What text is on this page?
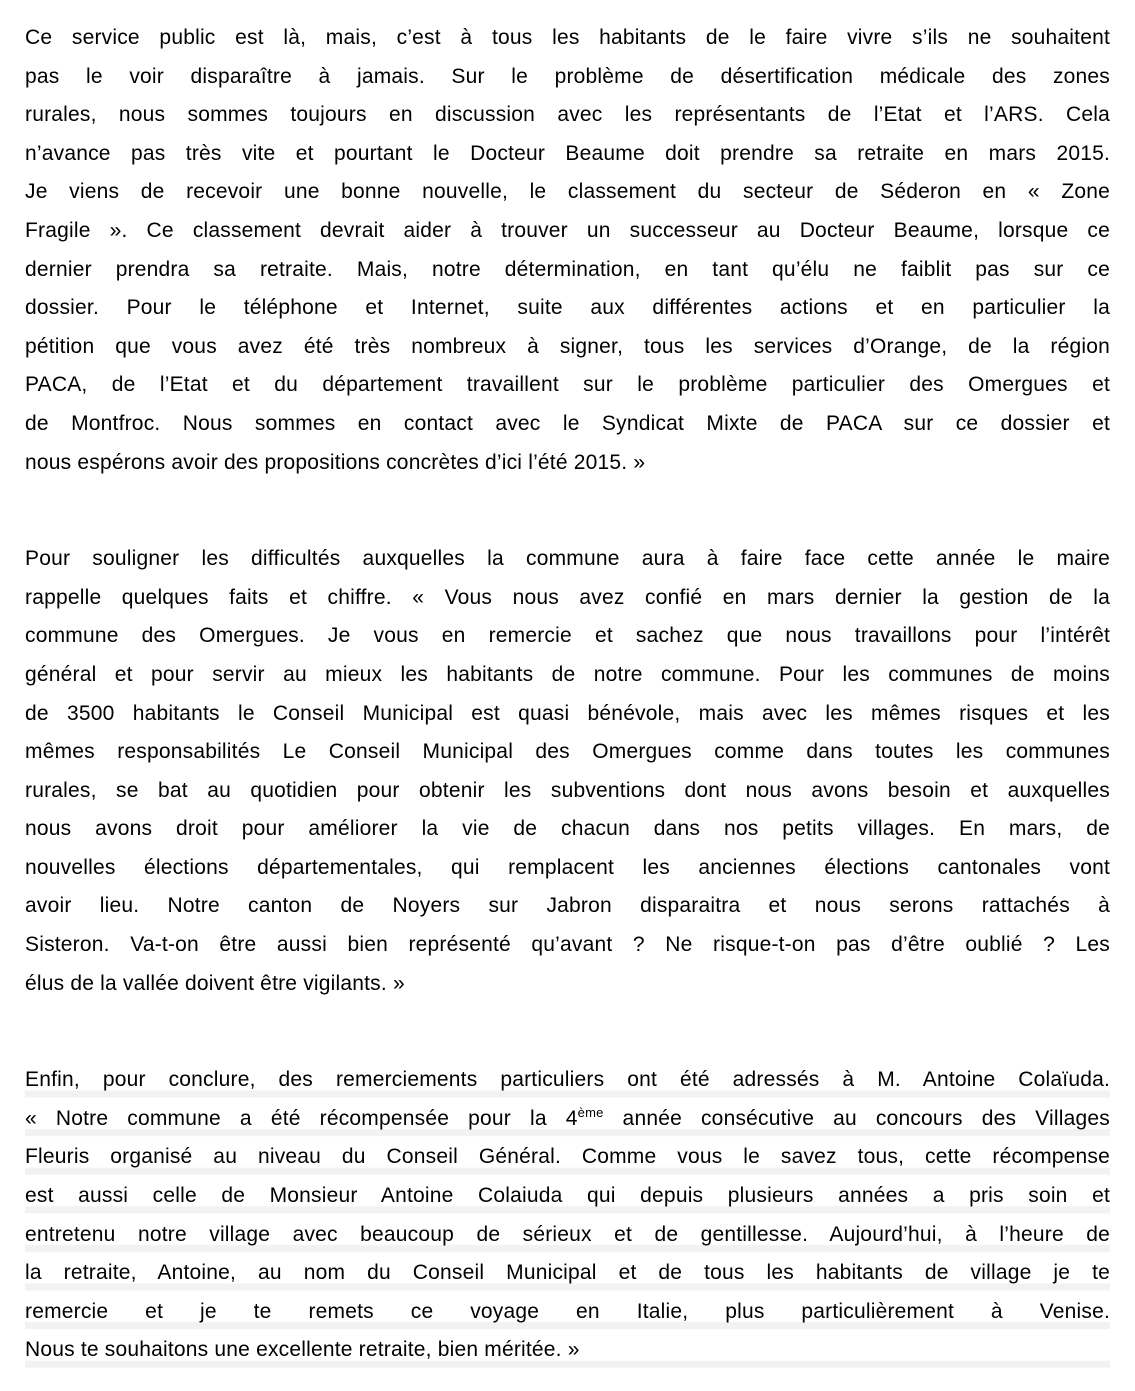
Ce service public est là, mais, c’est à tous les habitants de le faire vivre s’ils ne souhaitent
pas le voir disparaître à jamais. Sur le problème de désertification médicale des zones
rurales, nous sommes toujours en discussion avec les représentants de l’Etat et l’ARS. Cela
n’avance pas très vite et pourtant le Docteur Beaume doit prendre sa retraite en mars 2015.
Je viens de recevoir une bonne nouvelle, le classement du secteur de Séderon en « Zone
Fragile ». Ce classement devrait aider à trouver un successeur au Docteur Beaume, lorsque ce
dernier prendra sa retraite. Mais, notre détermination, en tant qu’élu ne faiblit pas sur ce
dossier. Pour le téléphone et Internet, suite aux différentes actions et en particulier la
pétition que vous avez été très nombreux à signer, tous les services d’Orange, de la région
PACA, de l’Etat et du département travaillent sur le problème particulier des Omergues et
de Montfroc. Nous sommes en contact avec le Syndicat Mixte de PACA sur ce dossier et
nous espérons avoir des propositions concrètes d’ici l’été 2015. »
Pour souligner les difficultés auxquelles la commune aura à faire face cette année le maire
rappelle quelques faits et chiffre. « Vous nous avez confié en mars dernier la gestion de la
commune des Omergues. Je vous en remercie et sachez que nous travaillons pour l’intérêt
général et pour servir au mieux les habitants de notre commune. Pour les communes de moins
de 3500 habitants le Conseil Municipal est quasi bénévole, mais avec les mêmes risques et les
mêmes responsabilités Le Conseil Municipal des Omergues comme dans toutes les communes
rurales, se bat au quotidien pour obtenir les subventions dont nous avons besoin et auxquelles
nous avons droit pour améliorer la vie de chacun dans nos petits villages. En mars, de
nouvelles élections départementales, qui remplacent les anciennes élections cantonales vont
avoir lieu. Notre canton de Noyers sur Jabron disparaitra et nous serons rattachés à
Sisteron. Va-t-on être aussi bien représenté qu’avant ? Ne risque-t-on pas d’être oublié ? Les
élus de la vallée doivent être vigilants. »
Enfin, pour conclure, des remerciements particuliers ont été adressés à M. Antoine Colaïuda.
« Notre commune a été récompensée pour la 4ème année consécutive au concours des Villages
Fleuris organisé au niveau du Conseil Général. Comme vous le savez tous, cette récompense
est aussi celle de Monsieur Antoine Colaiuda qui depuis plusieurs années a pris soin et
entretenu notre village avec beaucoup de sérieux et de gentillesse. Aujourd’hui, à l’heure de
la retraite, Antoine, au nom du Conseil Municipal et de tous les habitants de village je te
remercie et je te remets ce voyage en Italie, plus particulièrement à Venise.
Nous te souhaitons une excellente retraite, bien méritée. »
